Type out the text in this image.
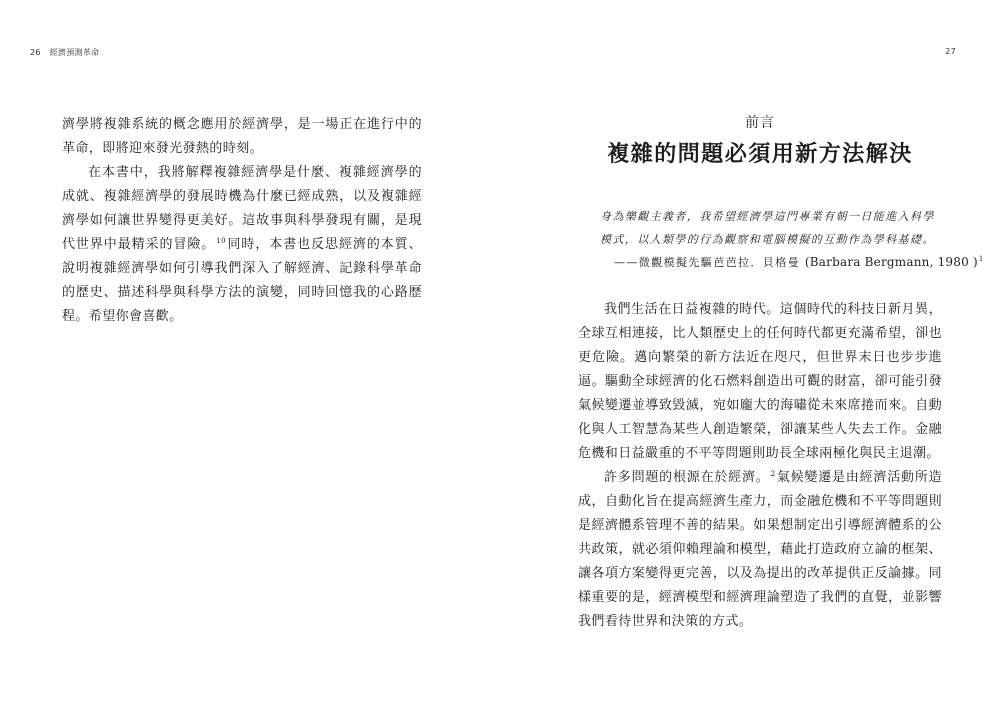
26 經濟預測革命

濟學將複雜系統的概念應用於經濟學，是一場正在進行中的革命，即將迎來發光發熱的時刻。

在本書中，我將解釋複雜經濟學是什麼、複雜經濟學的成就、複雜經濟學的發展時機為什麼已經成熟，以及複雜經濟學如何讓世界變得更美好。這故事與科學發現有關，是現代世界中最精采的冒險。$^{10}$同時，本書也反思經濟的本質、說明複雜經濟學如何引導我們深入了解經濟、記錄科學革命的歷史、描述科學與科學方法的演變，同時回憶我的心路歷程。希望你會喜歡。

27
前言
複雜的問題必須用新方法解決
身為樂觀主義者，我希望經濟學這門專業有朝一日能進入科學
模式，以人類學的行為觀察和電腦模擬的互動作為學科基礎。
——微觀模擬先驅芭芭拉．貝格曼 (Barbara Bergmann, 1980 )$^1$

我們生活在日益複雜的時代。這個時代的科技日新月異，全球互相連接，比人類歷史上的任何時代都更充滿希望，卻也更危險。邁向繁榮的新方法近在咫尺，但世界末日也步步進逼。驅動全球經濟的化石燃料創造出可觀的財富，卻可能引發氣候變遷並導致毀滅，宛如龐大的海嘯從未來席捲而來。自動化與人工智慧為某些人創造繁榮，卻讓某些人失去工作。金融危機和日益嚴重的不平等問題則助長全球兩極化與民主退潮。

許多問題的根源在於經濟。$^2$氣候變遷是由經濟活動所造成，自動化旨在提高經濟生產力，而金融危機和不平等問題則是經濟體系管理不善的結果。如果想制定出引導經濟體系的公共政策，就必須仰賴理論和模型，藉此打造政府立論的框架、讓各項方案變得更完善，以及為提出的改革提供正反論據。同樣重要的是，經濟模型和經濟理論塑造了我們的直覺，並影響我們看待世界和決策的方式。
